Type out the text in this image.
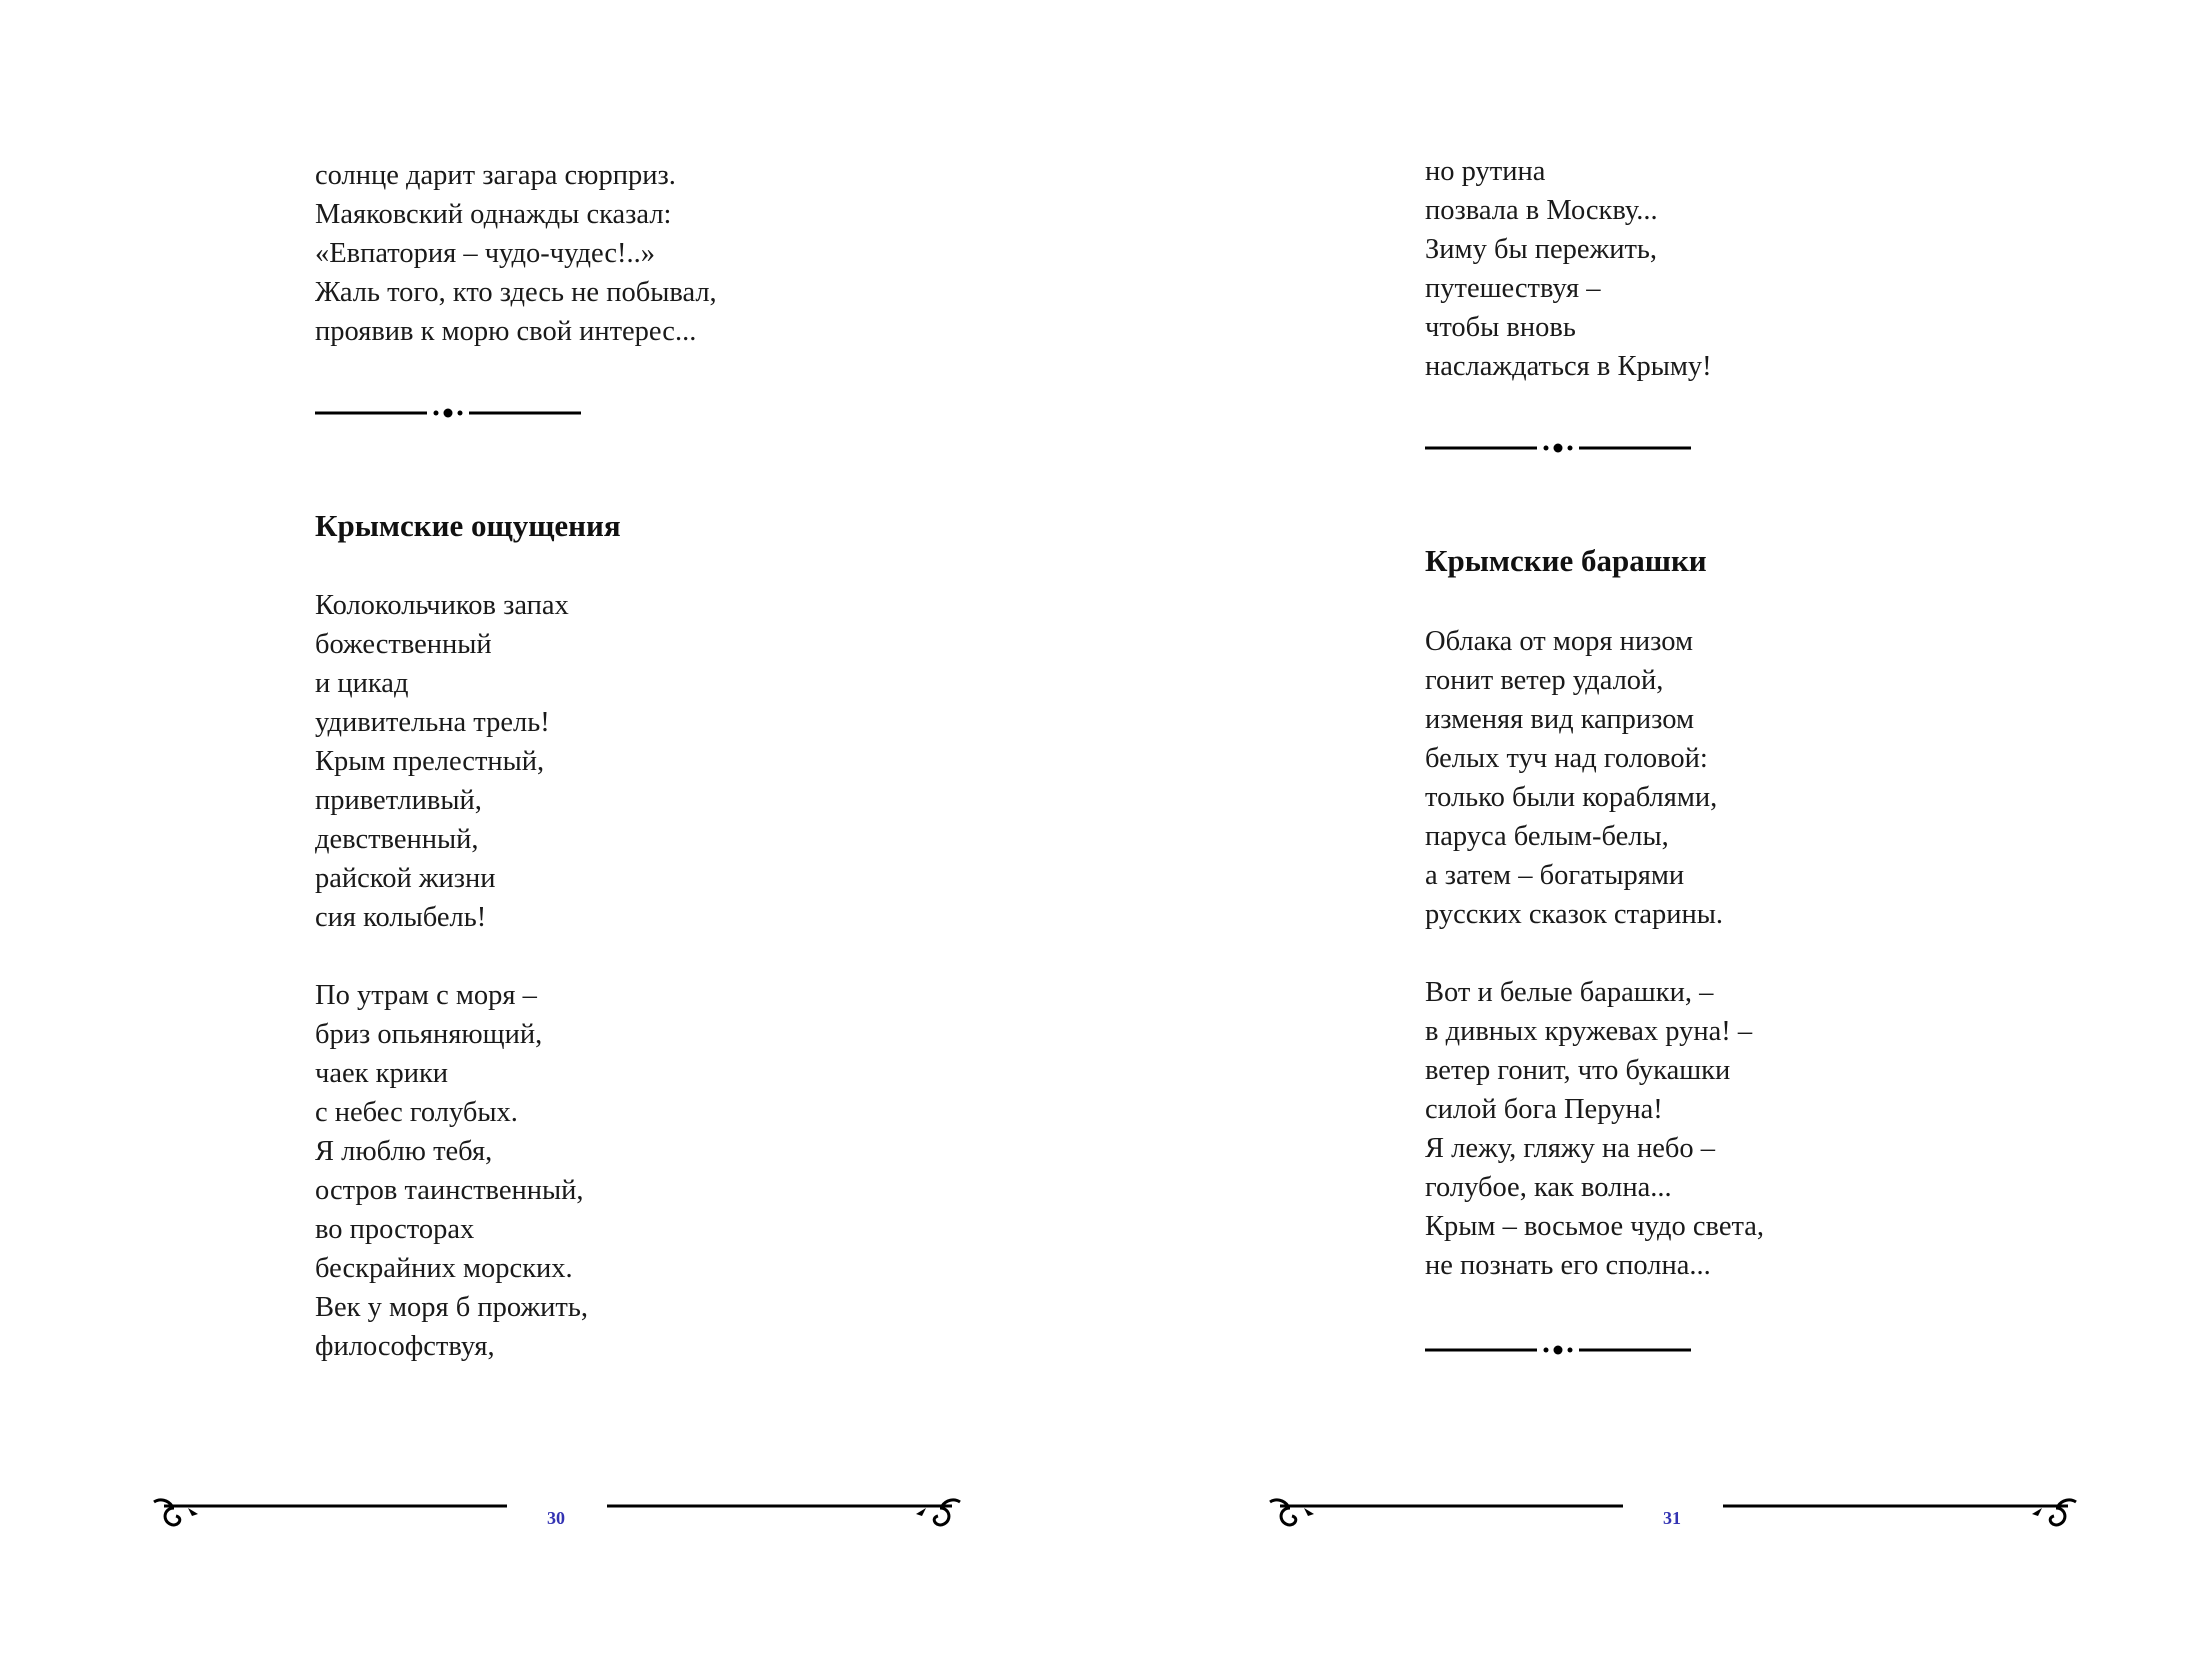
солнце дарит загара сюрприз.
Маяковский однажды сказал:
«Евпатория – чудо-чудес!..»
Жаль того, кто здесь не побывал,
проявив к морю свой интерес...
Крымские ощущения
Колокольчиков запах
божественный
и цикад
удивительна трель!
Крым прелестный,
приветливый,
девственный,
райской жизни
сия колыбель!
По утрам с моря –
бриз опьяняющий,
чаек крики
с небес голубых.
Я люблю тебя,
остров таинственный,
во просторах
бескрайних морских.
Век у моря б прожить,
философствуя,
30
но рутина
позвала в Москву...
Зиму бы пережить,
путешествуя –
чтобы вновь
наслаждаться в Крыму!
Крымские барашки
Облака от моря низом
гонит ветер удалой,
изменяя вид капризом
белых туч над головой:
только были кораблями,
паруса белым-белы,
а затем – богатырями
русских сказок старины.
Вот и белые барашки, –
в дивных кружевах руна! –
ветер гонит, что букашки
силой бога Перуна!
Я лежу, гляжу на небо –
голубое, как волна...
Крым – восьмое чудо света,
не познать его сполна...
31
